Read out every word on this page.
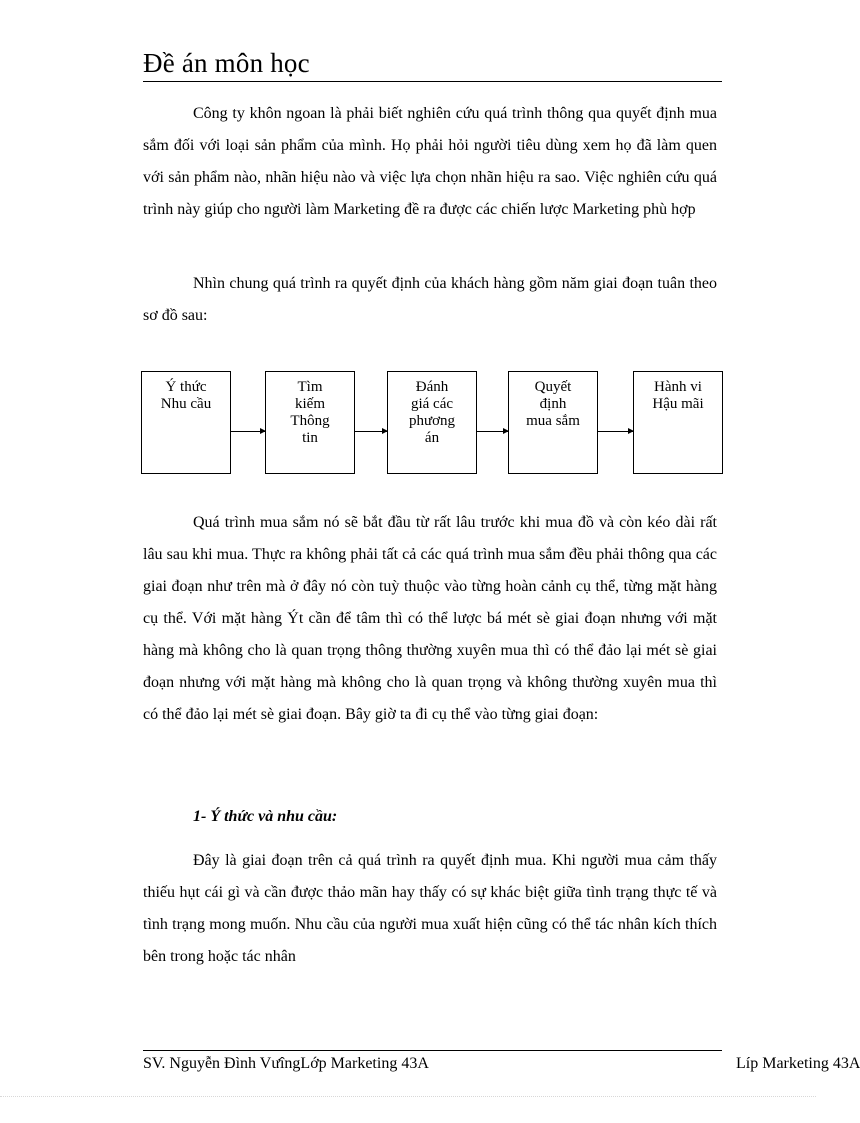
Đề án môn học

Công ty khôn ngoan là phải biết nghiên cứu quá trình thông qua quyết định mua sắm đối với loại sản phẩm của mình. Họ phải hỏi người tiêu dùng xem họ đã làm quen với sản phẩm nào, nhãn hiệu nào và việc lựa chọn nhãn hiệu ra sao. Việc nghiên cứu quá trình này giúp cho người làm Marketing đề ra được các chiến lược Marketing phù hợp

Nhìn chung quá trình ra quyết định của khách hàng gồm năm giai đoạn tuân theo sơ đồ sau:

Ý thức
Nhu cầu
Tìm
kiếm
Thông
tin
Đánh
giá các
phương
án
Quyết
định
mua sắm
Hành vi
Hậu mãi

Quá trình mua sắm nó sẽ bắt đầu từ rất lâu trước khi mua đồ và còn kéo dài rất lâu sau khi mua. Thực ra không phải tất cả các quá trình mua sắm đều phải thông qua các giai đoạn như trên mà ở đây nó còn tuỳ thuộc vào từng hoàn cảnh cụ thể, từng mặt hàng cụ thể. Với mặt hàng Ýt cần để tâm thì có thể lược bá mét sè giai đoạn nhưng với mặt hàng mà không cho là quan trọng thông thường xuyên mua thì có thể đảo lại mét sè giai đoạn nhưng với mặt hàng mà không cho là quan trọng và không thường xuyên mua thì có thể đảo lại mét sè giai đoạn. Bây giờ ta đi cụ thể vào từng giai đoạn:

1- Ý thức và nhu cầu:

Đây là giai đoạn trên cả quá trình ra quyết định mua. Khi người mua cảm thấy thiếu hụt cái gì và cần được thảo mãn hay thấy có sự khác biệt giữa tình trạng thực tế và tình trạng mong muốn. Nhu cầu của người mua xuất hiện cũng có thể tác nhân kích thích bên trong hoặc tác nhân

SV. Nguyễn Đình VưîngLớp Marketing 43A	Líp Marketing 43A
